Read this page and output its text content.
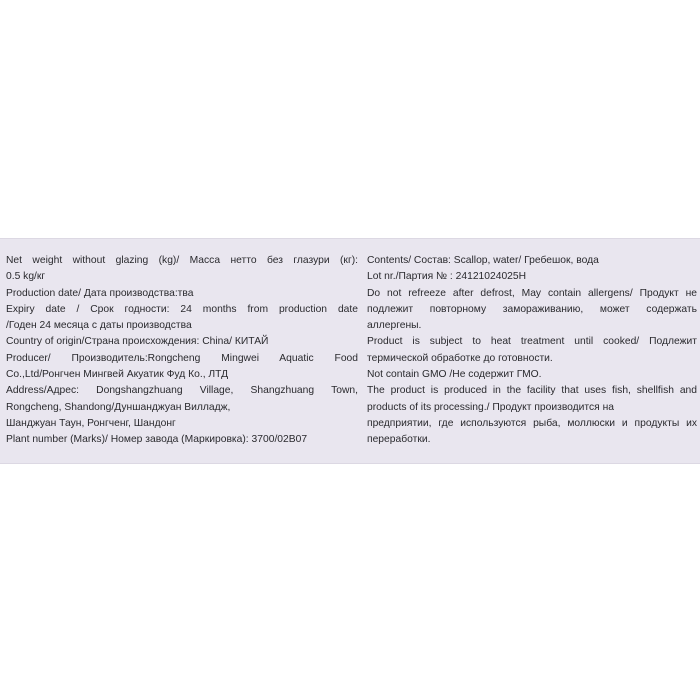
Net weight without glazing (kg)/ Масса нетто без глазури (кг):
0.5 kg/кг
Production date/ Дата производства:тва
Expiry date / Срок годности: 24 months from production date
/Годен 24 месяца с даты производства
Country of origin/Страна происхождения: China/ КИТАЙ
Producer/ Производитель:Rongcheng Mingwei Aquatic Food
Co.,Ltd/Ронгчен Мингвей Акуатик Фуд Ко., ЛТД
Address/Адрес: Dongshangzhuang Village, Shangzhuang Town,
Rongcheng, Shandong/Дуншанджуан Вилладж,
Шанджуан Таун, Ронгченг, Шандонг
Plant number (Marks)/ Номер завода (Маркировка): 3700/02B07
Contents/ Состав: Scallop, water/ Гребешок, вода
Lot nr./Партия № : 24121024025H
Do not refreeze after defrost, May contain allergens/ Продукт не
подлежит повторному замораживанию, может содержать
аллергены.
Product is subject to heat treatment until cooked/ Подлежит
термической обработке до готовности.
Not contain GMO /Не содержит ГМО.
The product is produced in the facility that uses fish, shellfish and
products of its processing./ Продукт производится на
предприятии, где используются рыба, моллюски и продукты их
переработки.
